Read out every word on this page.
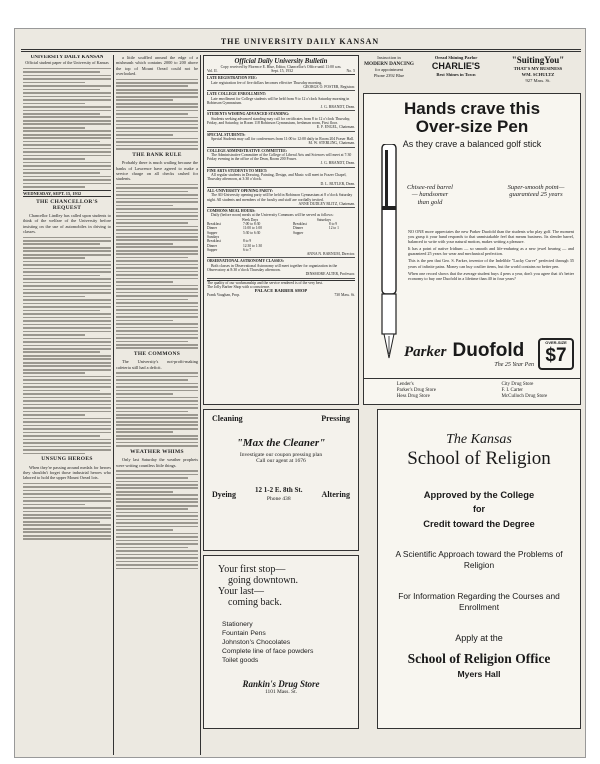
THE UNIVERSITY DAILY KANSAN
UNIVERSITY DAILY KANSAN
Official student paper of the University of Kansas
WEDNESDAY, SEPT. 15, 1932
THE CHANCELLOR'S REQUEST

Chancellor Lindley has called upon students to think of the welfare of the University before insisting on the use of automobiles in driving to classes.

UNSUNG HEROES

When they're passing around medals for heroes they shouldn't forget those industrial heroes who labored to hold the upper Mount Oread lots.

a little scuffled around the edge of a mishmash which contains 2000 to 200 above the top of Mount Oread could not be overlooked.

THE BANK RULE

Probably there is much wailing because the banks of Lawrence have agreed to make a service charge on all checks cashed for students.

THE COMMONS

The University's not-profit-making cafeteria still had a deficit.

WEATHER WHIMS

Only last Saturday the weather prophets were writing countless little things.

Official Daily University Bulletin
Copy received by Florence E. Blue, Editor, Chancellor's Office until 11:00 a.m.
Vol. II.	Sept. 15, 1932	No. 5
LATE REGISTRATION FEE:
Late registration fee of five dollars becomes effective Thursday morning.
GEORGE O. FOSTER, Registrar.
LATE COLLEGE ENROLLMENT:
Late enrollment for College students will be held from 9 to 12 o'clock Saturday morning in Robinson Gymnasium.
J. G. BRANDT, Dean.
STUDENTS WISHING ADVANCED STANDING:
Students seeking advanced standing may call for certificates from 8 to 12 o'clock Thursday, Friday, and Saturday, in Room 118 Robinson Gymnasium, freshman room, First floor.
E. F. ENGEL, Chairman.
SPECIAL STUDENTS:
Special Students may call for conferences from 11:00 to 12:00 daily in Room 204 Fraser Hall.
M. W. STERLING, Chairman.
COLLEGE ADMINISTRATIVE COMMITTEE:
The Administrative Committee of the College of Liberal Arts and Sciences will meet at 7:30 Friday evening in the office of the Dean, Room 200 Fraser.
J. G. BRANDT, Dean.
FINE ARTS STUDENTS TO MEET:
All regular students in Drawing, Painting, Design, and Music will meet in Frazer Chapel, Thursday afternoon, at 3:30 o'clock.
D. L. BUTLER, Dean.
ALL-UNIVERSITY OPENING PARTY:
The All-University opening party will be held in Robinson Gymnasium at 8 o'clock Saturday night. All students and members of the faculty and staff are cordially invited.
ANNE DUDLEY BLITZ, Chairman.
COMMONS MEAL HOURS:
Daily (before noon) meals at the University Commons will be served as follows:
Week Days		Saturdays	
Breakfast	7:00 to 8:30	Breakfast	8 to 9
Dinner	11:00 to 1:00	Dinner	12 to 1
Supper	5:30 to 6:30	Supper	
Sundays			
Breakfast	8 to 9		
Dinner	12:30 to 1:30		
Supper	6 to 7		
ANNA N. BARNUM, Director.
OBSERVATIONAL ASTRONOMY CLASSES:
Both classes in Observational Astronomy will meet together for organization in the Observatory at 8:30 o'clock Thursday afternoon.
DINSMORE ALTER, Professor.
The quality of our workmanship and the service rendered is of the very best.
The Jolly Barber Shop with a conscience.
PALACE BARBER SHOP
Frank Vaughan, Prop.	730 Mass. St.
Instruction in
MODERN DANCING
for appointment
Phone 2392 Blue
Oread Shining Parlor
CHARLIE'S
Best Shines in Town
"SuitingYou"
THAT'S MY BUSINESS
WM. SCHULTZ
927 Mass. St.
Hands crave this
Over-size Pen
As they crave a balanced golf stick
Chisee-red barrel— handsomer than gold
Super-smooth point— guaranteed 25 years

NO ONE more appreciates the new Parker Duofold than the students who play golf. The moment you grasp it your hand responds to that unmistakable feel that means business. Its slender barrel, balanced to write with your natural motion, makes writing a pleasure.

It has a point of native Iridium — so smooth and life-enduring as a new jewel bearing — and guaranteed 25 years for wear and mechanical perfection.

This is the pen that Geo. S. Parker, inventor of the Indelible "Lucky Curve" perfected through 35 years of infinite pains. Money can buy costlier items, but the world contains no better pen.

When one record shows that the average student buys 4 pens a year, don't you agree that it's better economy to buy one Duofold in a lifetime than 40 in four years?

Parker Duofold
The 25 Year Pen
OVER-SIZE
$7
Lender's
Parker's Drug Store
Hess Drug Store
City Drug Store
F. I. Carter
McCulloch Drug Store
Cleaning	Pressing
"Max the Cleaner"
Investigate our coupon pressing plan
Call our agent at 1676
Dyeing	12 1-2 E. 8th St.
Phone 438
Altering
Your first stop—
going downtown.
Your last—
coming back.
Stationery
Fountain Pens
Johnston's Chocolates
Complete line of face powders
Toilet goods
Rankin's Drug Store
1101 Mass. St.
The Kansas
School of Religion
Approved by the College
for
Credit toward the Degree
A Scientific Approach toward the Problems of Religion
For Information Regarding the Courses and Enrollment
Apply at the
School of Religion Office
Myers Hall
